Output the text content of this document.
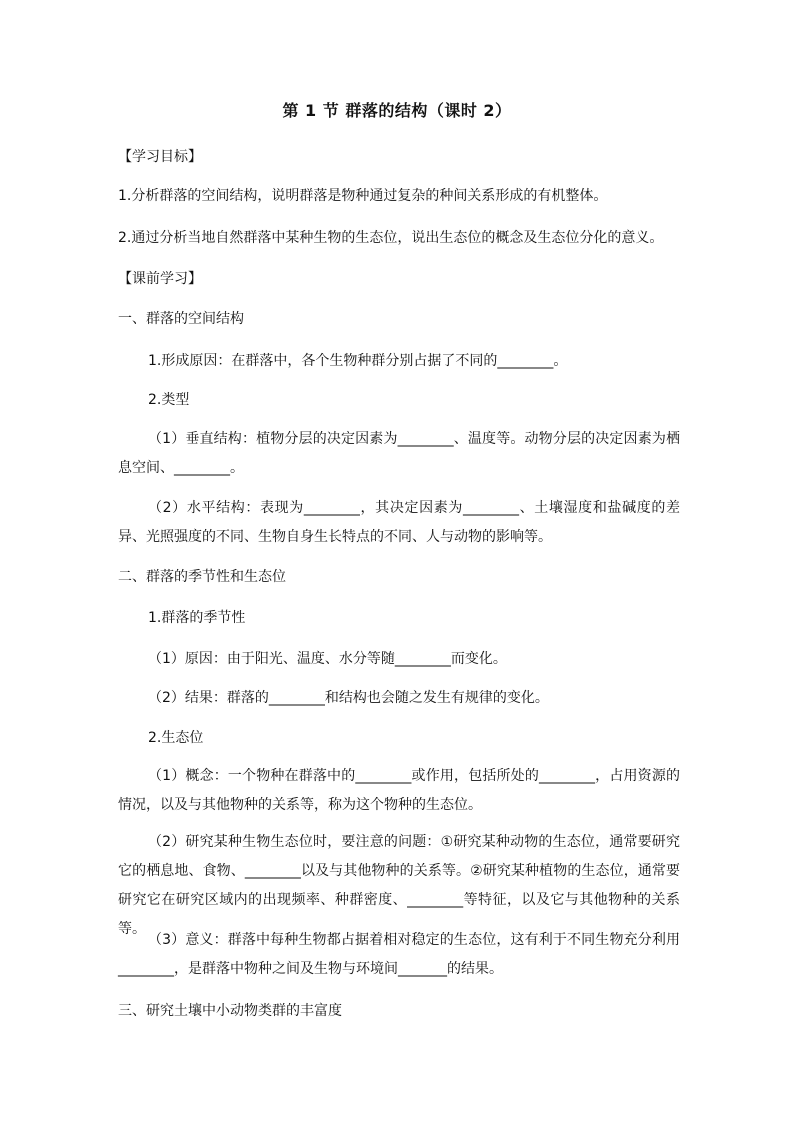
第 1 节 群落的结构（课时 2）
【学习目标】
1.分析群落的空间结构，说明群落是物种通过复杂的种间关系形成的有机整体。
2.通过分析当地自然群落中某种生物的生态位，说出生态位的概念及生态位分化的意义。
【课前学习】
一、群落的空间结构
1.形成原因：在群落中，各个生物种群分别占据了不同的________。
2.类型
（1）垂直结构：植物分层的决定因素为________、温度等。动物分层的决定因素为栖息空间、________。
（2）水平结构：表现为________，其决定因素为________、土壤湿度和盐碱度的差异、光照强度的不同、生物自身生长特点的不同、人与动物的影响等。
二、群落的季节性和生态位
1.群落的季节性
（1）原因：由于阳光、温度、水分等随________而变化。
（2）结果：群落的________和结构也会随之发生有规律的变化。
2.生态位
（1）概念：一个物种在群落中的________或作用，包括所处的________，占用资源的情况，以及与其他物种的关系等，称为这个物种的生态位。
（2）研究某种生物生态位时，要注意的问题：①研究某种动物的生态位，通常要研究它的栖息地、食物、________以及与其他物种的关系等。②研究某种植物的生态位，通常要研究它在研究区域内的出现频率、种群密度、________等特征，以及它与其他物种的关系等。
（3）意义：群落中每种生物都占据着相对稳定的生态位，这有利于不同生物充分利用________，是群落中物种之间及生物与环境间_______的结果。
三、研究土壤中小动物类群的丰富度
